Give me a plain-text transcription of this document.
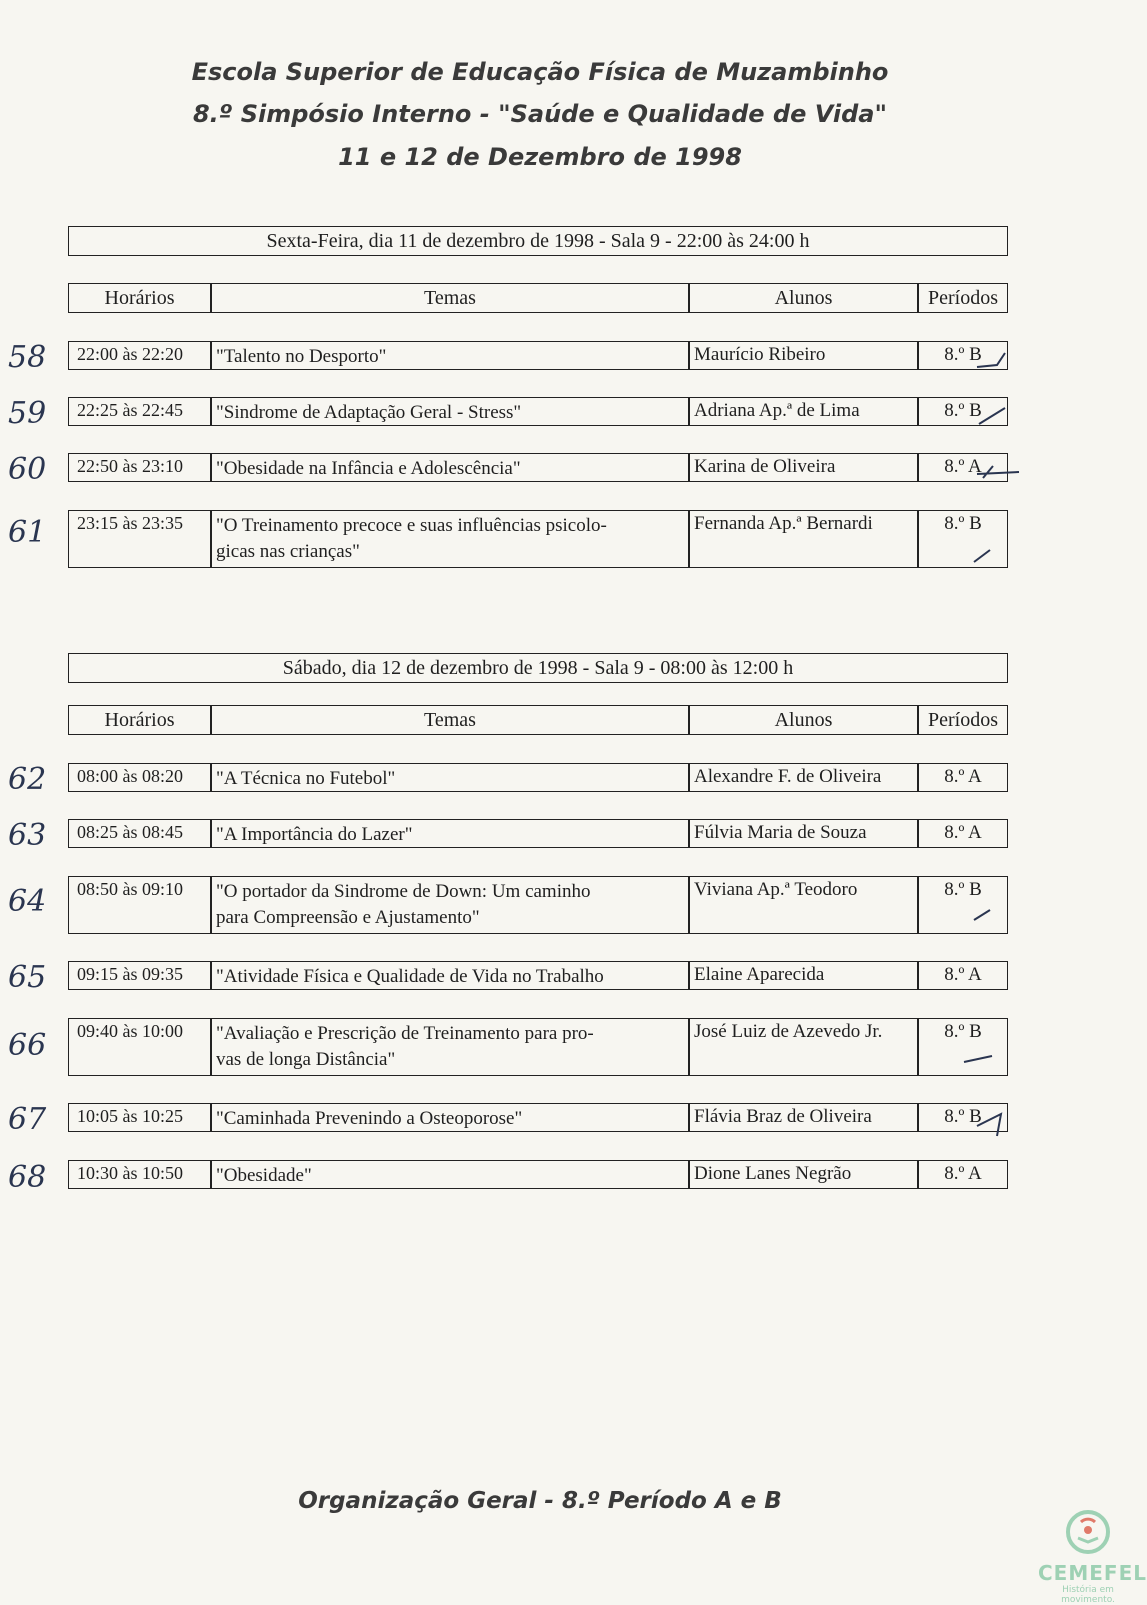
Escola Superior de Educação Física de Muzambinho
8.º Simpósio Interno - "Saúde e Qualidade de Vida"
11 e 12 de Dezembro de 1998
Sexta-Feira, dia 11 de dezembro de 1998 - Sala 9 - 22:00 às 24:00 h
Horários	Temas	Alunos	Períodos
58	22:00 às 22:20	"Talento no Desporto"	Maurício Ribeiro	8.º B
59	22:25 às 22:45	"Sindrome de Adaptação Geral - Stress"	Adriana Ap.ª de Lima	8.º B
60	22:50 às 23:10	"Obesidade na Infância e Adolescência"	Karina de Oliveira	8.º A
61	23:15 às 23:35	"O Treinamento precoce e suas influências psicolo-
gicas nas crianças"
Fernanda Ap.ª Bernardi	8.º B
Sábado, dia 12 de dezembro de 1998 - Sala 9 - 08:00 às 12:00 h
Horários	Temas	Alunos	Períodos
62	08:00 às 08:20	"A Técnica no Futebol"	Alexandre F. de Oliveira	8.º A
63	08:25 às 08:45	"A Importância do Lazer"	Fúlvia Maria de Souza	8.º A
64	08:50 às 09:10	"O portador da Sindrome de Down: Um caminho
para Compreensão e Ajustamento"
Viviana Ap.ª Teodoro	8.º B
65	09:15 às 09:35	"Atividade Física e Qualidade de Vida no Trabalho	Elaine Aparecida	8.º A
66	09:40 às 10:00	"Avaliação e Prescrição de Treinamento para pro-
vas de longa Distância"
José Luiz de Azevedo Jr.	8.º B
67	10:05 às 10:25	"Caminhada Prevenindo a Osteoporose"	Flávia Braz de Oliveira	8.º B
68	10:30 às 10:50	"Obesidade"	Dione Lanes Negrão	8.º A
Organização Geral - 8.º Período A e B
CEMEFEL
História em movimento.
